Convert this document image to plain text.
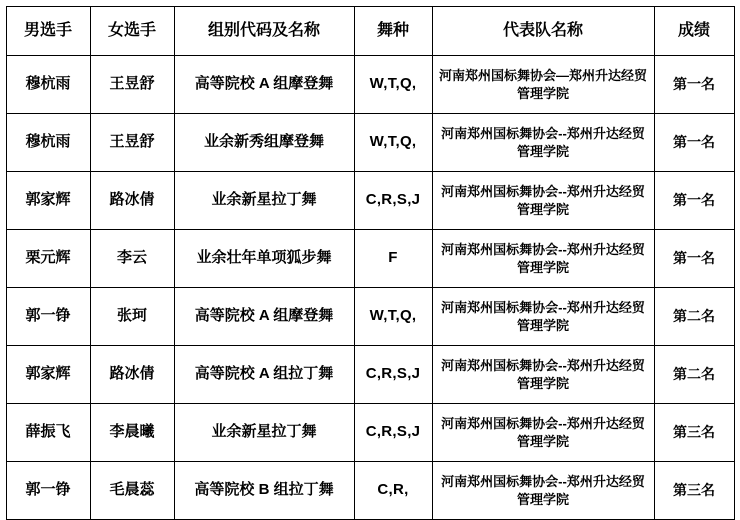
男选手	女选手	组别代码及名称	舞种	代表队名称	成绩
穆杭雨	王昱舒	高等院校 A 组摩登舞	W,T,Q,	河南郑州国标舞协会—郑州升达经贸管理学院	第一名
穆杭雨	王昱舒	业余新秀组摩登舞	W,T,Q,	河南郑州国标舞协会--郑州升达经贸管理学院	第一名
郭家辉	路冰倩	业余新星拉丁舞	C,R,S,J	河南郑州国标舞协会--郑州升达经贸管理学院	第一名
栗元辉	李云	业余壮年单项狐步舞	F	河南郑州国标舞协会--郑州升达经贸管理学院	第一名
郭一铮	张珂	高等院校 A 组摩登舞	W,T,Q,	河南郑州国标舞协会--郑州升达经贸管理学院	第二名
郭家辉	路冰倩	高等院校 A 组拉丁舞	C,R,S,J	河南郑州国标舞协会--郑州升达经贸管理学院	第二名
薛振飞	李晨曦	业余新星拉丁舞	C,R,S,J	河南郑州国标舞协会--郑州升达经贸管理学院	第三名
郭一铮	毛晨蕊	高等院校 B 组拉丁舞	C,R,	河南郑州国标舞协会--郑州升达经贸管理学院	第三名
